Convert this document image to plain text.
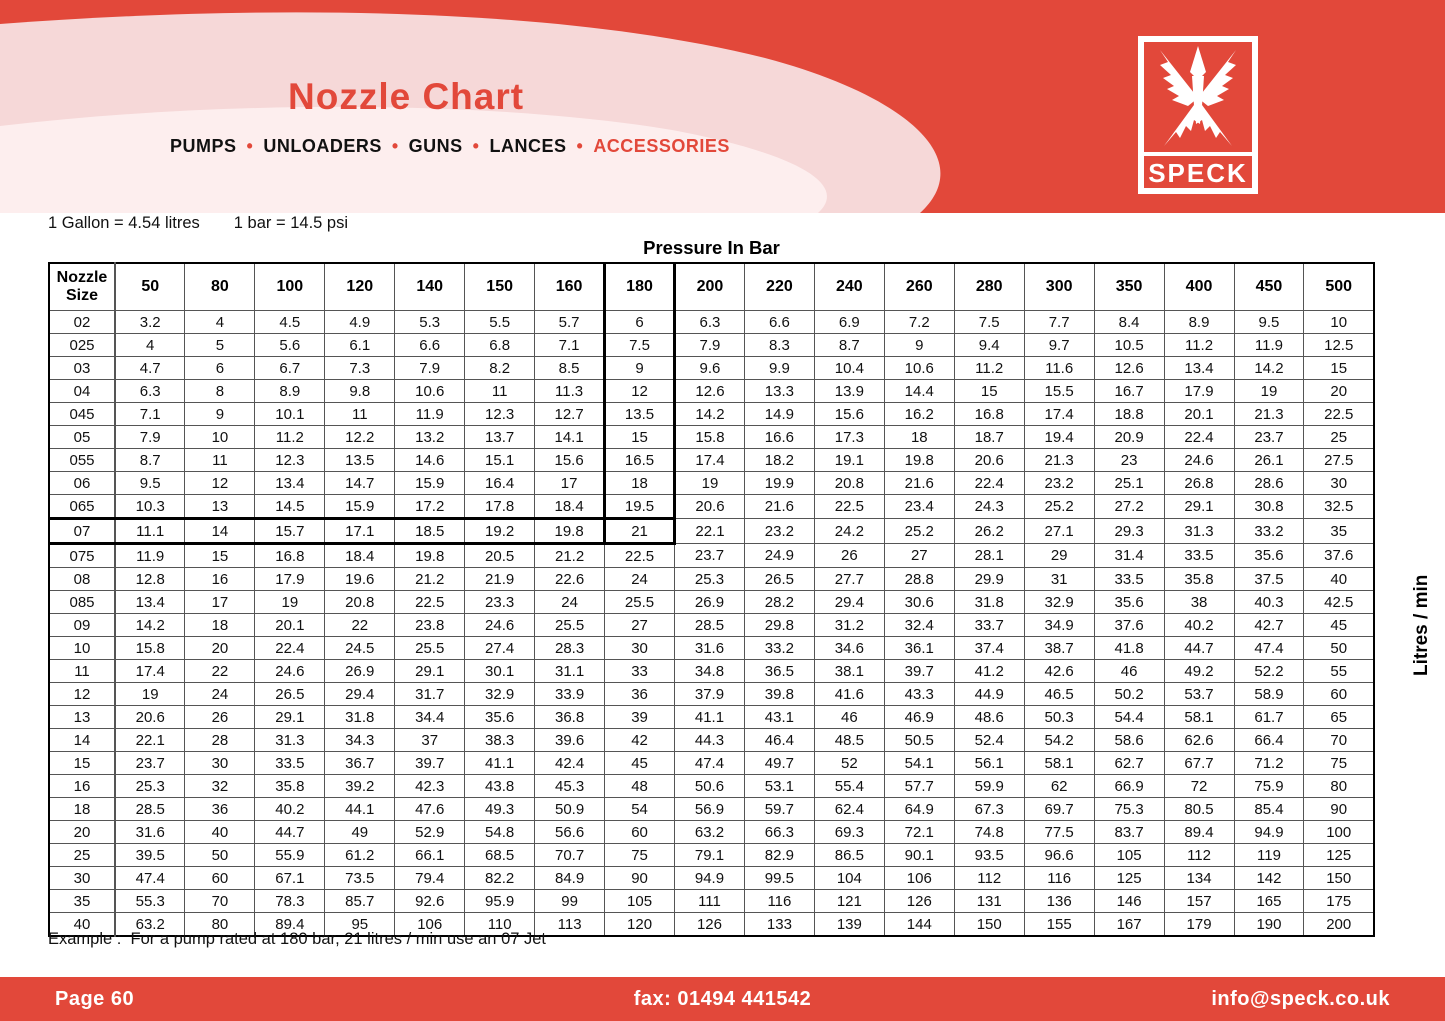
Nozzle Chart
PUMPS • UNLOADERS • GUNS • LANCES • ACCESSORIES
SPECK
1 Gallon = 4.54 litres 1 bar = 14.5 psi
Pressure In Bar
Nozzle Size	50	80	100	120	140	150	160	180	200	220	240	260	280	300	350	400	450	500
02	3.2	4	4.5	4.9	5.3	5.5	5.7	6	6.3	6.6	6.9	7.2	7.5	7.7	8.4	8.9	9.5	10
025	4	5	5.6	6.1	6.6	6.8	7.1	7.5	7.9	8.3	8.7	9	9.4	9.7	10.5	11.2	11.9	12.5
03	4.7	6	6.7	7.3	7.9	8.2	8.5	9	9.6	9.9	10.4	10.6	11.2	11.6	12.6	13.4	14.2	15
04	6.3	8	8.9	9.8	10.6	11	11.3	12	12.6	13.3	13.9	14.4	15	15.5	16.7	17.9	19	20
045	7.1	9	10.1	11	11.9	12.3	12.7	13.5	14.2	14.9	15.6	16.2	16.8	17.4	18.8	20.1	21.3	22.5
05	7.9	10	11.2	12.2	13.2	13.7	14.1	15	15.8	16.6	17.3	18	18.7	19.4	20.9	22.4	23.7	25
055	8.7	11	12.3	13.5	14.6	15.1	15.6	16.5	17.4	18.2	19.1	19.8	20.6	21.3	23	24.6	26.1	27.5
06	9.5	12	13.4	14.7	15.9	16.4	17	18	19	19.9	20.8	21.6	22.4	23.2	25.1	26.8	28.6	30
065	10.3	13	14.5	15.9	17.2	17.8	18.4	19.5	20.6	21.6	22.5	23.4	24.3	25.2	27.2	29.1	30.8	32.5
07	11.1	14	15.7	17.1	18.5	19.2	19.8	21	22.1	23.2	24.2	25.2	26.2	27.1	29.3	31.3	33.2	35
075	11.9	15	16.8	18.4	19.8	20.5	21.2	22.5	23.7	24.9	26	27	28.1	29	31.4	33.5	35.6	37.6
08	12.8	16	17.9	19.6	21.2	21.9	22.6	24	25.3	26.5	27.7	28.8	29.9	31	33.5	35.8	37.5	40
085	13.4	17	19	20.8	22.5	23.3	24	25.5	26.9	28.2	29.4	30.6	31.8	32.9	35.6	38	40.3	42.5
09	14.2	18	20.1	22	23.8	24.6	25.5	27	28.5	29.8	31.2	32.4	33.7	34.9	37.6	40.2	42.7	45
10	15.8	20	22.4	24.5	25.5	27.4	28.3	30	31.6	33.2	34.6	36.1	37.4	38.7	41.8	44.7	47.4	50
11	17.4	22	24.6	26.9	29.1	30.1	31.1	33	34.8	36.5	38.1	39.7	41.2	42.6	46	49.2	52.2	55
12	19	24	26.5	29.4	31.7	32.9	33.9	36	37.9	39.8	41.6	43.3	44.9	46.5	50.2	53.7	58.9	60
13	20.6	26	29.1	31.8	34.4	35.6	36.8	39	41.1	43.1	46	46.9	48.6	50.3	54.4	58.1	61.7	65
14	22.1	28	31.3	34.3	37	38.3	39.6	42	44.3	46.4	48.5	50.5	52.4	54.2	58.6	62.6	66.4	70
15	23.7	30	33.5	36.7	39.7	41.1	42.4	45	47.4	49.7	52	54.1	56.1	58.1	62.7	67.7	71.2	75
16	25.3	32	35.8	39.2	42.3	43.8	45.3	48	50.6	53.1	55.4	57.7	59.9	62	66.9	72	75.9	80
18	28.5	36	40.2	44.1	47.6	49.3	50.9	54	56.9	59.7	62.4	64.9	67.3	69.7	75.3	80.5	85.4	90
20	31.6	40	44.7	49	52.9	54.8	56.6	60	63.2	66.3	69.3	72.1	74.8	77.5	83.7	89.4	94.9	100
25	39.5	50	55.9	61.2	66.1	68.5	70.7	75	79.1	82.9	86.5	90.1	93.5	96.6	105	112	119	125
30	47.4	60	67.1	73.5	79.4	82.2	84.9	90	94.9	99.5	104	106	112	116	125	134	142	150
35	55.3	70	78.3	85.7	92.6	95.9	99	105	111	116	121	126	131	136	146	157	165	175
40	63.2	80	89.4	95	106	110	113	120	126	133	139	144	150	155	167	179	190	200
Litres / min
Example :  For a pump rated at 180 bar, 21 litres / min use an 07 Jet
Page 60	fax: 01494 441542	info@speck.co.uk
